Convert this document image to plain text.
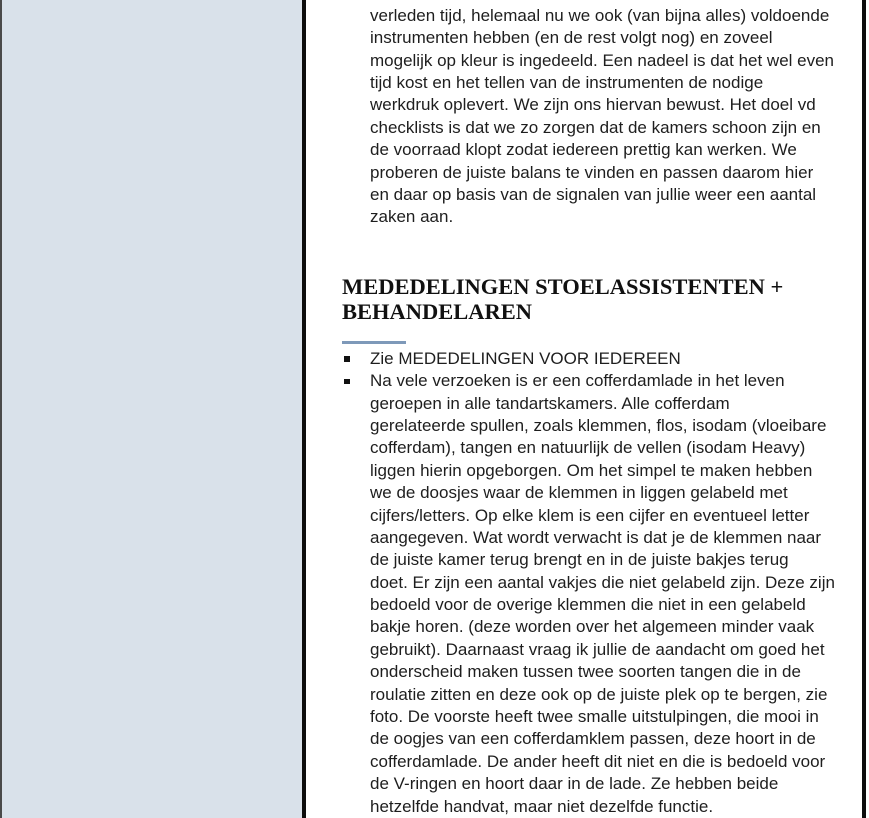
verleden tijd, helemaal nu we ook (van bijna alles) voldoende
instrumenten hebben (en de rest volgt nog) en zoveel
mogelijk op kleur is ingedeeld. Een nadeel is dat het wel even
tijd kost en het tellen van de instrumenten de nodige
werkdruk oplevert. We zijn ons hiervan bewust. Het doel vd
checklists is dat we zo zorgen dat de kamers schoon zijn en
de voorraad klopt zodat iedereen prettig kan werken. We
proberen de juiste balans te vinden en passen daarom hier
en daar op basis van de signalen van jullie weer een aantal
zaken aan.
MEDEDELINGEN STOELASSISTENTEN +
BEHANDELAREN
Zie MEDEDELINGEN VOOR IEDEREEN
Na vele verzoeken is er een cofferdamlade in het leven
geroepen in alle tandartskamers. Alle cofferdam
gerelateerde spullen, zoals klemmen, flos, isodam (vloeibare
cofferdam), tangen en natuurlijk de vellen (isodam Heavy)
liggen hierin opgeborgen. Om het simpel te maken hebben
we de doosjes waar de klemmen in liggen gelabeld met
cijfers/letters. Op elke klem is een cijfer en eventueel letter
aangegeven. Wat wordt verwacht is dat je de klemmen naar
de juiste kamer terug brengt en in de juiste bakjes terug
doet. Er zijn een aantal vakjes die niet gelabeld zijn. Deze zijn
bedoeld voor de overige klemmen die niet in een gelabeld
bakje horen. (deze worden over het algemeen minder vaak
gebruikt). Daarnaast vraag ik jullie de aandacht om goed het
onderscheid maken tussen twee soorten tangen die in de
roulatie zitten en deze ook op de juiste plek op te bergen, zie
foto. De voorste heeft twee smalle uitstulpingen, die mooi in
de oogjes van een cofferdamklem passen, deze hoort in de
cofferdamlade. De ander heeft dit niet en die is bedoeld voor
de V-ringen en hoort daar in de lade. Ze hebben beide
hetzelfde handvat, maar niet dezelfde functie.
